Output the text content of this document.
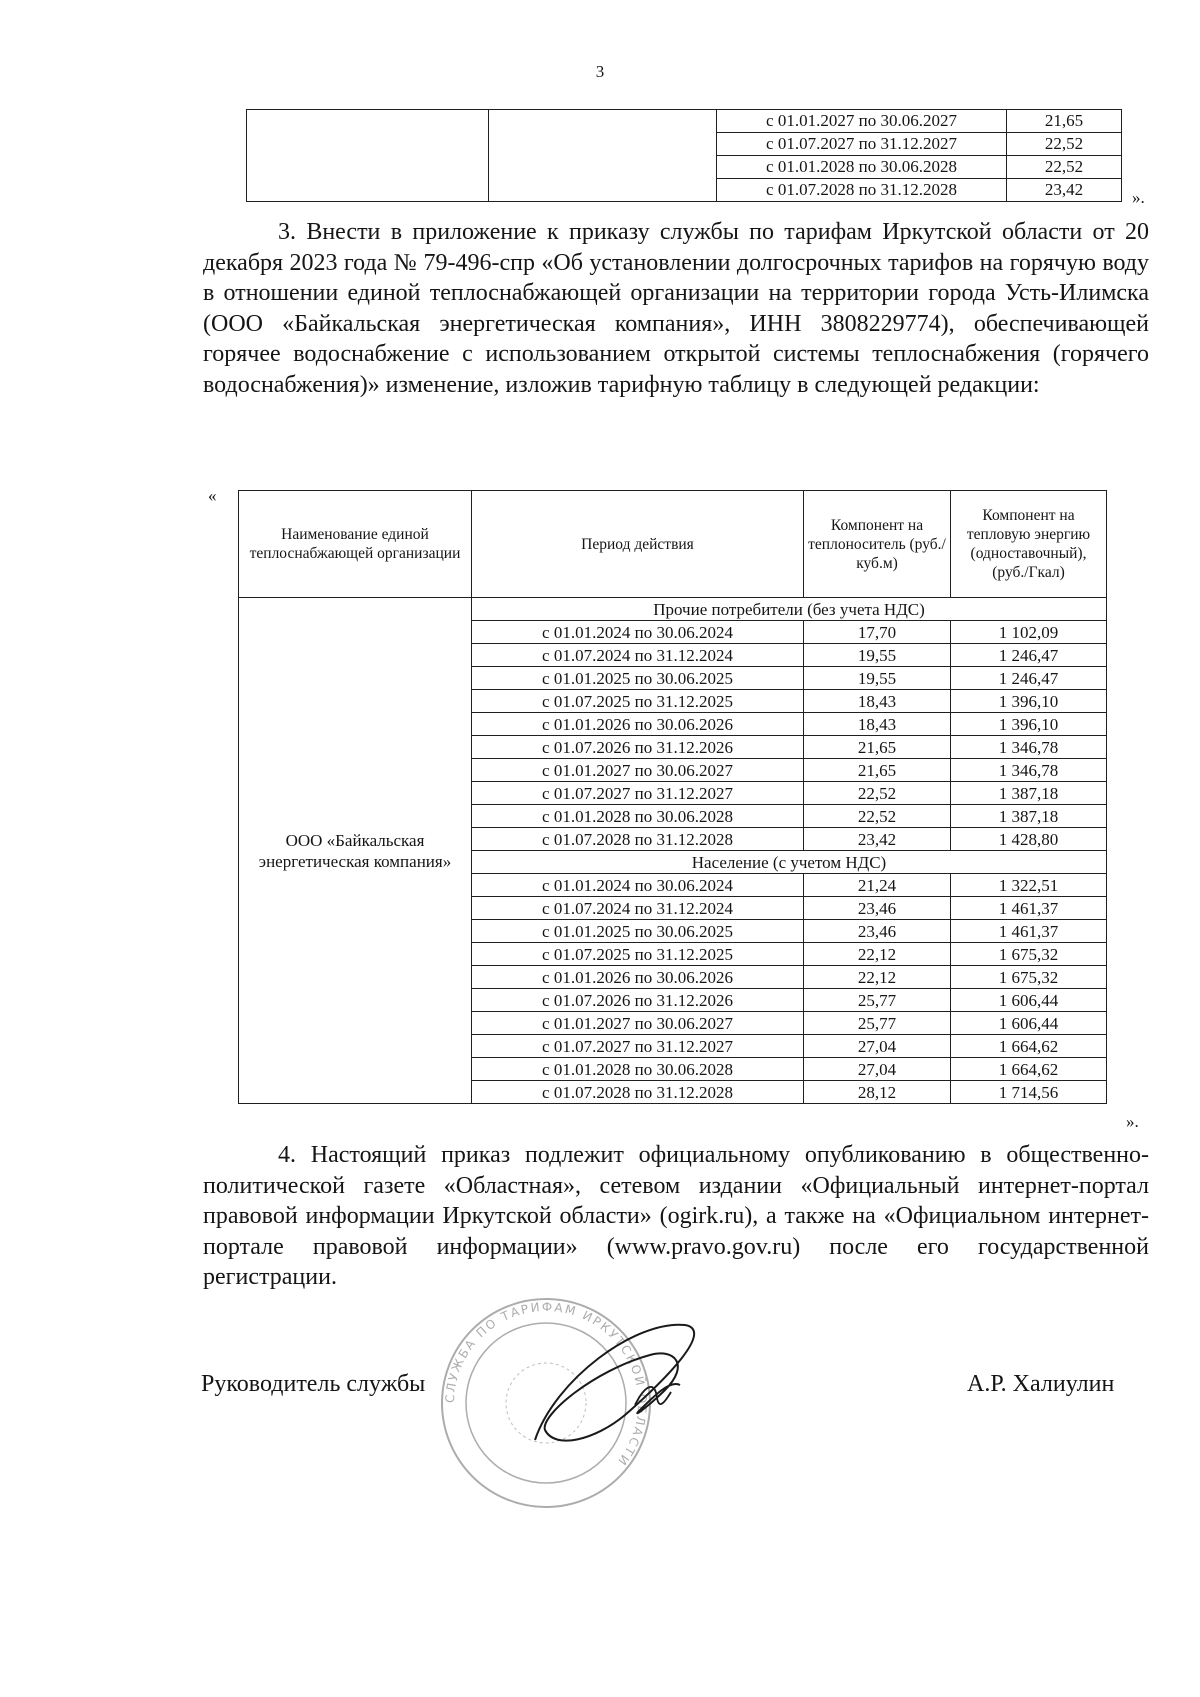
3
		с 01.01.2027 по 30.06.2027	21,65
		с 01.07.2027 по 31.12.2027	22,52
		с 01.01.2028 по 30.06.2028	22,52
		с 01.07.2028 по 31.12.2028	23,42	».
3. Внести в приложение к приказу службы по тарифам Иркутской области от 20 декабря 2023 года № 79-496-спр «Об установлении долгосрочных тарифов на горячую воду в отношении единой теплоснабжающей организации на территории города Усть-Илимска (ООО «Байкальская энергетическая компания», ИНН 3808229774), обеспечивающей горячее водоснабжение с использованием открытой системы теплоснабжения (горячего водоснабжения)» изменение, изложив тарифную таблицу в следующей редакции:
«
Наименование единой теплоснабжающей организации	Период действия	Компонент на теплоноситель (руб./куб.м)	Компонент на тепловую энергию (одноставочный), (руб./Гкал)
ООО «Байкальская энергетическая компания»	Прочие потребители (без учета НДС)		
	с 01.01.2024 по 30.06.2024	17,70	1 102,09
	с 01.07.2024 по 31.12.2024	19,55	1 246,47
	с 01.01.2025 по 30.06.2025	19,55	1 246,47
	с 01.07.2025 по 31.12.2025	18,43	1 396,10
	с 01.01.2026 по 30.06.2026	18,43	1 396,10
	с 01.07.2026 по 31.12.2026	21,65	1 346,78
	с 01.01.2027 по 30.06.2027	21,65	1 346,78
	с 01.07.2027 по 31.12.2027	22,52	1 387,18
	с 01.01.2028 по 30.06.2028	22,52	1 387,18
	с 01.07.2028 по 31.12.2028	23,42	1 428,80
	Население (с учетом НДС)		
	с 01.01.2024 по 30.06.2024	21,24	1 322,51
	с 01.07.2024 по 31.12.2024	23,46	1 461,37
	с 01.01.2025 по 30.06.2025	23,46	1 461,37
	с 01.07.2025 по 31.12.2025	22,12	1 675,32
	с 01.01.2026 по 30.06.2026	22,12	1 675,32
	с 01.07.2026 по 31.12.2026	25,77	1 606,44
	с 01.01.2027 по 30.06.2027	25,77	1 606,44
	с 01.07.2027 по 31.12.2027	27,04	1 664,62
	с 01.01.2028 по 30.06.2028	27,04	1 664,62
	с 01.07.2028 по 31.12.2028	28,12	1 714,56
».
4. Настоящий приказ подлежит официальному опубликованию в общественно-политической газете «Областная», сетевом издании «Официальный интернет-портал правовой информации Иркутской области» (ogirk.ru), а также на «Официальном интернет-портале правовой информации» (www.pravo.gov.ru) после его государственной регистрации.
СЛУЖБА ПО ТАРИФАМ ИРКУТСКОЙ ОБЛАСТИ
Руководитель службы	А.Р. Халиулин
